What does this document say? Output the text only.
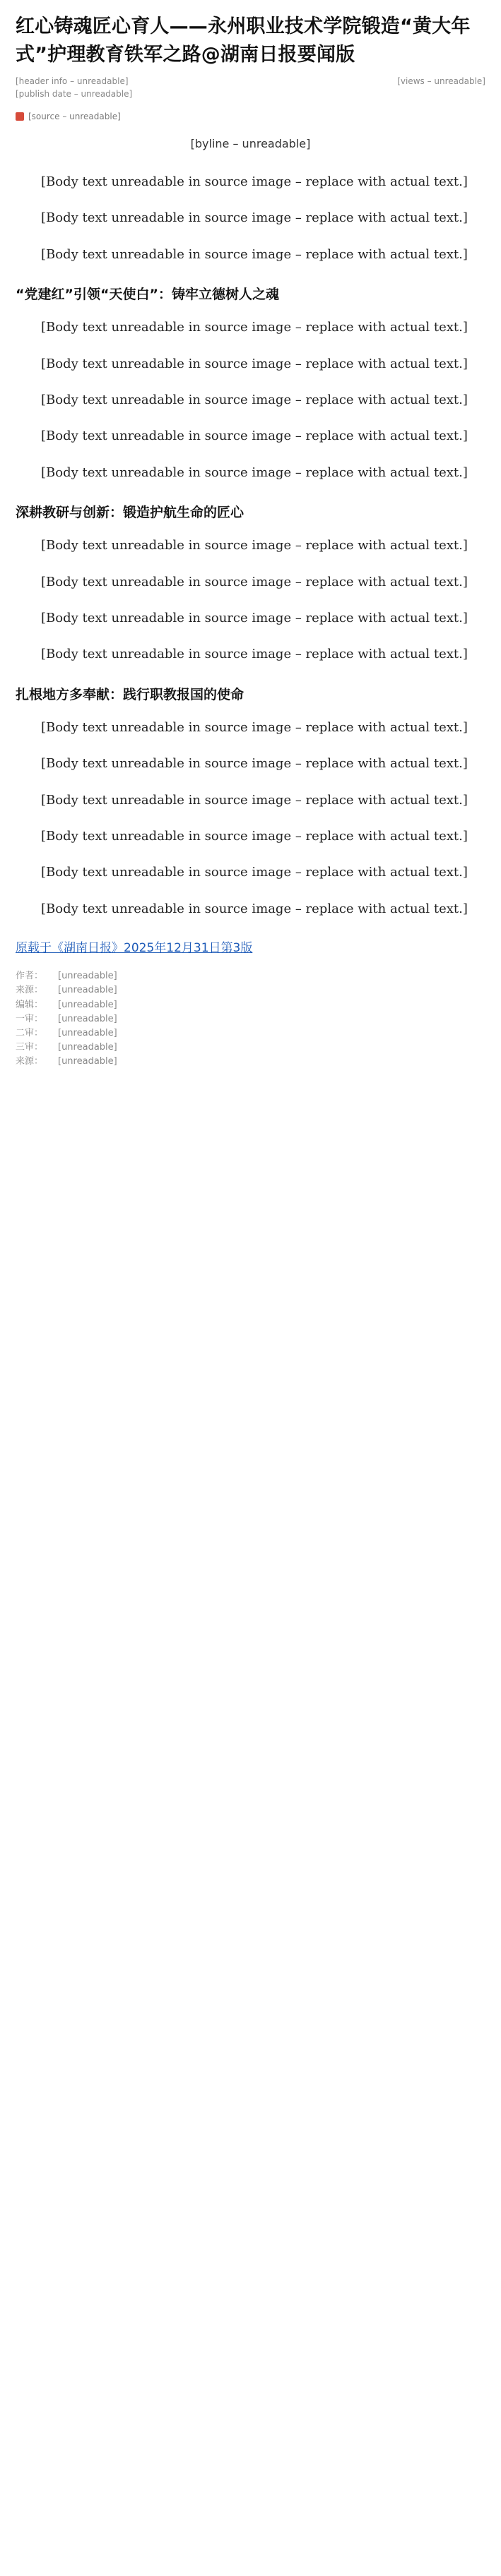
红心铸魂匠心育人——永州职业技术学院锻造“黄大年式”护理教育铁军之路@湖南日报要闻版
[header info – unreadable]	[views – unreadable]
[publish date – unreadable]
[source – unreadable]
[byline – unreadable]

[Body text unreadable in source image – replace with actual text.]

[Body text unreadable in source image – replace with actual text.]

[Body text unreadable in source image – replace with actual text.]

“党建红”引领“天使白”：铸牢立德树人之魂

[Body text unreadable in source image – replace with actual text.]

[Body text unreadable in source image – replace with actual text.]

[Body text unreadable in source image – replace with actual text.]

[Body text unreadable in source image – replace with actual text.]

[Body text unreadable in source image – replace with actual text.]

深耕教研与创新：锻造护航生命的匠心

[Body text unreadable in source image – replace with actual text.]

[Body text unreadable in source image – replace with actual text.]

[Body text unreadable in source image – replace with actual text.]

[Body text unreadable in source image – replace with actual text.]

扎根地方多奉献：践行职教报国的使命

[Body text unreadable in source image – replace with actual text.]

[Body text unreadable in source image – replace with actual text.]

[Body text unreadable in source image – replace with actual text.]

[Body text unreadable in source image – replace with actual text.]

[Body text unreadable in source image – replace with actual text.]

[Body text unreadable in source image – replace with actual text.]

原载于《湖南日报》2025年12月31日第3版
作者：	[unreadable]
来源：	[unreadable]
编辑：	[unreadable]
一审：	[unreadable]
二审：	[unreadable]
三审：	[unreadable]
来源：	[unreadable]
